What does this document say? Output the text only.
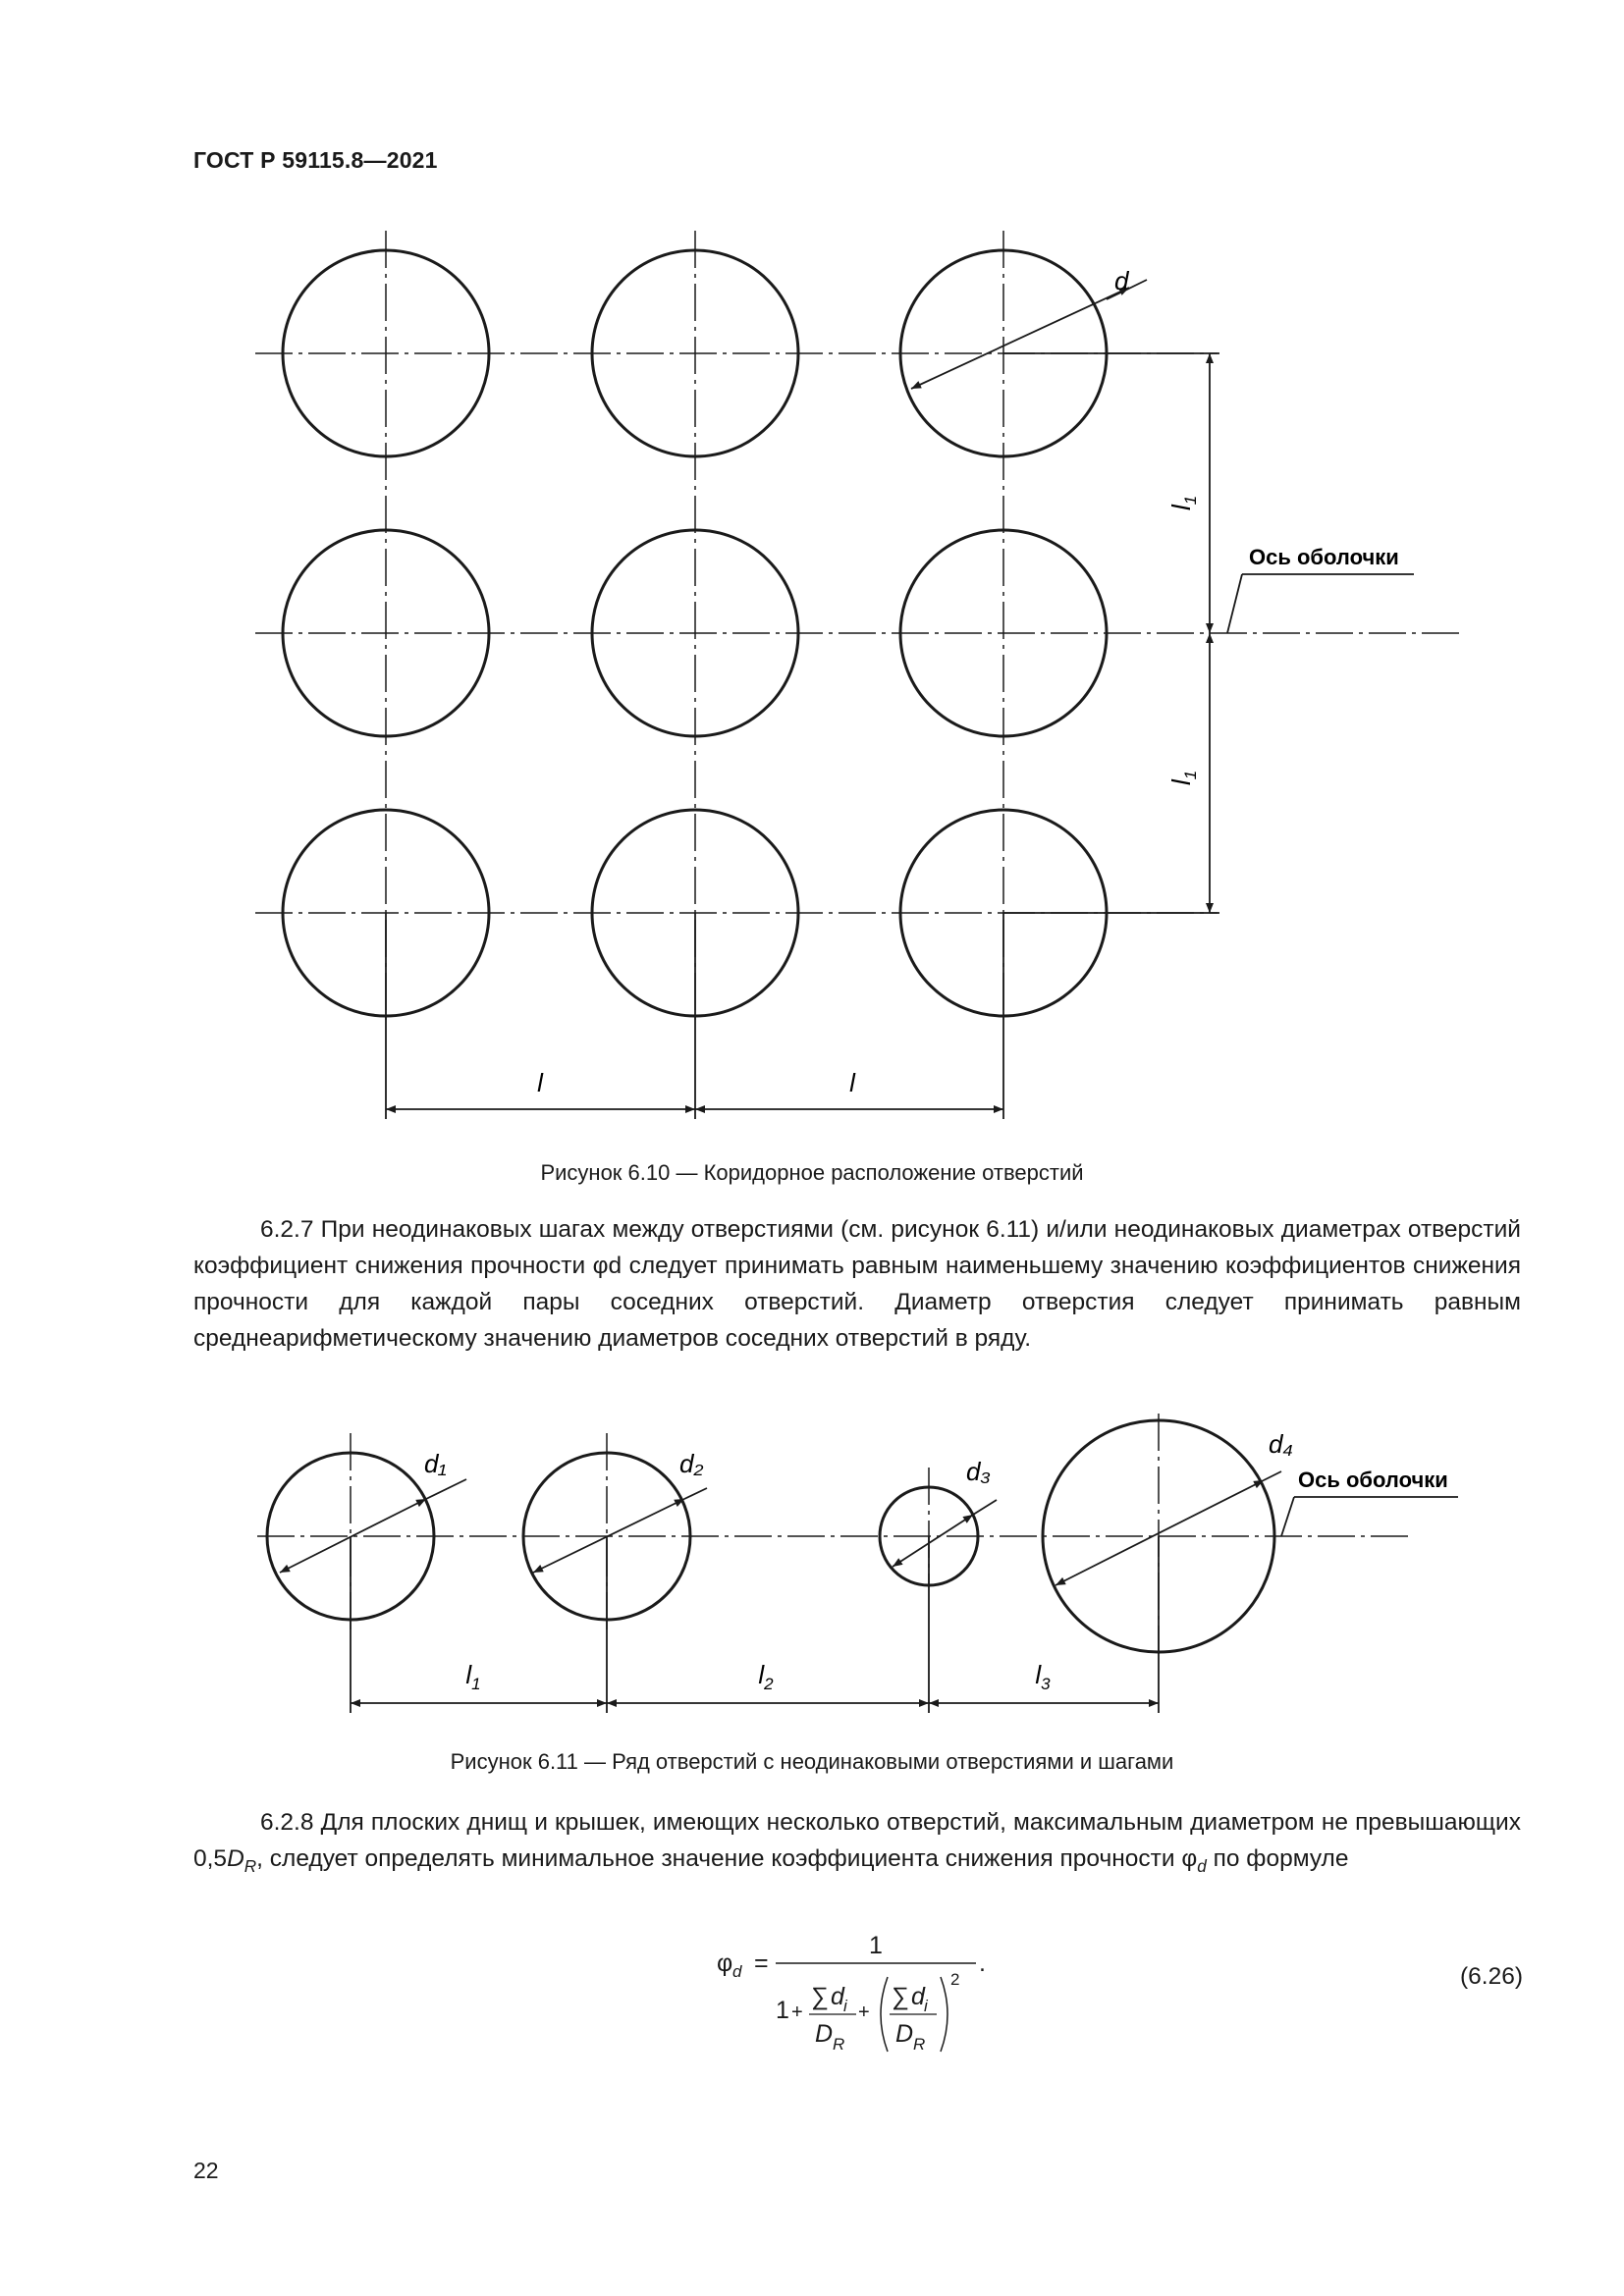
ГОСТ Р 59115.8—2021
d
l	l
$l_1$
$l_1$
Ось оболочки
Рисунок 6.10 — Коридорное расположение отверстий

6.2.7 При неодинаковых шагах между отверстиями (см. рисунок 6.11) и/или неодинаковых диаметрах отверстий коэффициент снижения прочности φd следует принимать равным наименьшему значению коэффициентов снижения прочности для каждой пары соседних отверстий. Диаметр отверстия следует принимать равным среднеарифметическому значению диаметров соседних отверстий в ряду.

d₁	d₂	d₃
d₄
$l_1$	$l_2$	$l_3$
Ось оболочки
Рисунок 6.11 — Ряд отверстий с неодинаковыми отверстиями и шагами

6.2.8 Для плоских днищ и крышек, имеющих несколько отверстий, максимальным диаметром не превышающих $0,5D_R$, следует определять минимальное значение коэффициента снижения прочности $\varphi_d$ по формуле

φ d =
1
1 +
∑ d i
D R
+
∑ d i
D R
2
.	(6.26)
22
